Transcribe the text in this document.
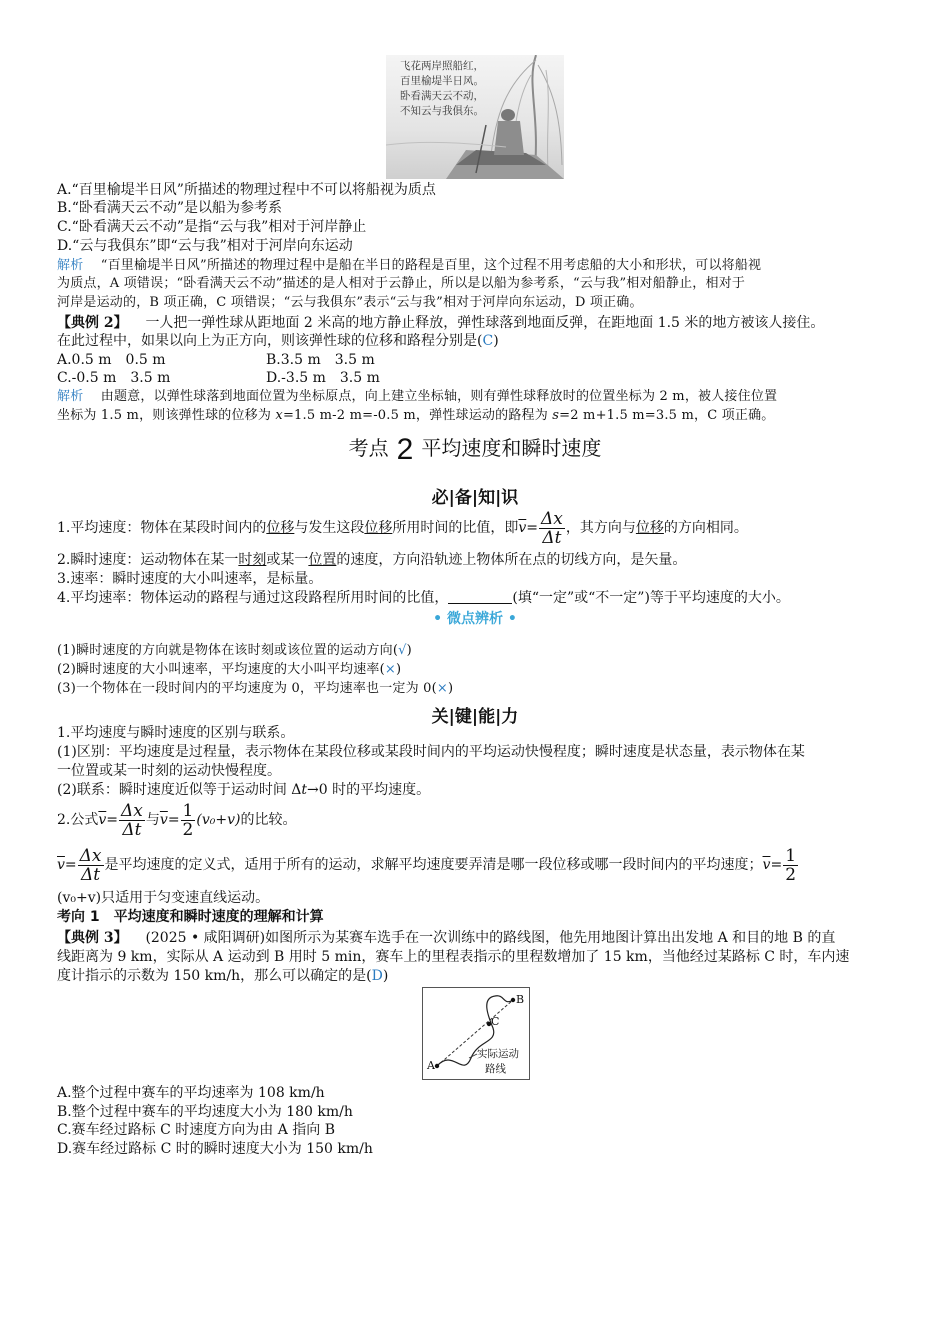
飞花两岸照船红，
百里榆堤半日风。
卧看满天云不动，
不知云与我俱东。
A.“百里榆堤半日风”所描述的物理过程中不可以将船视为质点
B.“卧看满天云不动”是以船为参考系
C.“卧看满天云不动”是指“云与我”相对于河岸静止
D.“云与我俱东”即“云与我”相对于河岸向东运动
解析 “百里榆堤半日风”所描述的物理过程中是船在半日的路程是百里，这个过程不用考虑船的大小和形状，可以将船视
为质点，A 项错误；“卧看满天云不动”描述的是人相对于云静止，所以是以船为参考系，“云与我”相对船静止，相对于
河岸是运动的，B 项正确，C 项错误；“云与我俱东”表示“云与我”相对于河岸向东运动，D 项正确。
【典例 2】 一人把一弹性球从距地面 2 米高的地方静止释放，弹性球落到地面反弹，在距地面 1.5 米的地方被该人接住。
在此过程中，如果以向上为正方向，则该弹性球的位移和路程分别是(C)
A.0.5 m　0.5 m	B.3.5 m　3.5 m
C.-0.5 m　3.5 m	D.-3.5 m　3.5 m
解析 由题意，以弹性球落到地面位置为坐标原点，向上建立坐标轴，则有弹性球释放时的位置坐标为 2 m，被人接住位置
坐标为 1.5 m，则该弹性球的位移为 x=1.5 m-2 m=-0.5 m，弹性球运动的路程为 s=2 m+1.5 m=3.5 m，C 项正确。
考点 2 平均速度和瞬时速度
必|备|知|识
1.平均速度：物体在某段时间内的位移与发生这段位移所用时间的比值，即$\overline{v}= \frac{\Delta x}{\Delta t}$ ，其方向与位移的方向相同。
2.瞬时速度：运动物体在某一时刻或某一位置的速度，方向沿轨迹上物体所在点的切线方向，是矢量。
3.速率：瞬时速度的大小叫速率，是标量。
4.平均速率：物体运动的路程与通过这段路程所用时间的比值，	(填“一定”或“不一定”)等于平均速度的大小。
• 微点辨析 •
(1)瞬时速度的方向就是物体在该时刻或该位置的运动方向(√)
(2)瞬时速度的大小叫速率，平均速度的大小叫平均速率(×)
(3)一个物体在一段时间内的平均速度为 0，平均速率也一定为 0(×)
关|键|能|力
1.平均速度与瞬时速度的区别与联系。
(1)区别：平均速度是过程量，表示物体在某段位移或某段时间内的平均运动快慢程度；瞬时速度是状态量，表示物体在某
一位置或某一时刻的运动快慢程度。
(2)联系：瞬时速度近似等于运动时间 Δt→0 时的平均速度。
2.公式$\overline{v}= \frac{\Delta x}{\Delta t}$ 与$\overline{v}= \frac{1}{2} (v_0+v)$的比较。
$\overline{v}= \frac{\Delta x}{\Delta t}$ 是平均速度的定义式，适用于所有的运动，求解平均速度要弄清是哪一段位移或哪一段时间内的平均速度；$\overline{v}= \frac{1}{2}$
(v₀+v)只适用于匀变速直线运动。
考向 1　平均速度和瞬时速度的理解和计算
【典例 3】 (2025 • 咸阳调研)如图所示为某赛车选手在一次训练中的路线图，他先用地图计算出出发地 A 和目的地 B 的直
线距离为 9 km，实际从 A 运动到 B 用时 5 min，赛车上的里程表指示的里程数增加了 15 km，当他经过某路标 C 时，车内速
度计指示的示数为 150 km/h，那么可以确定的是(D)
A
B
C
实际运动
路线
A.整个过程中赛车的平均速率为 108 km/h
B.整个过程中赛车的平均速度大小为 180 km/h
C.赛车经过路标 C 时速度方向为由 A 指向 B
D.赛车经过路标 C 时的瞬时速度大小为 150 km/h
